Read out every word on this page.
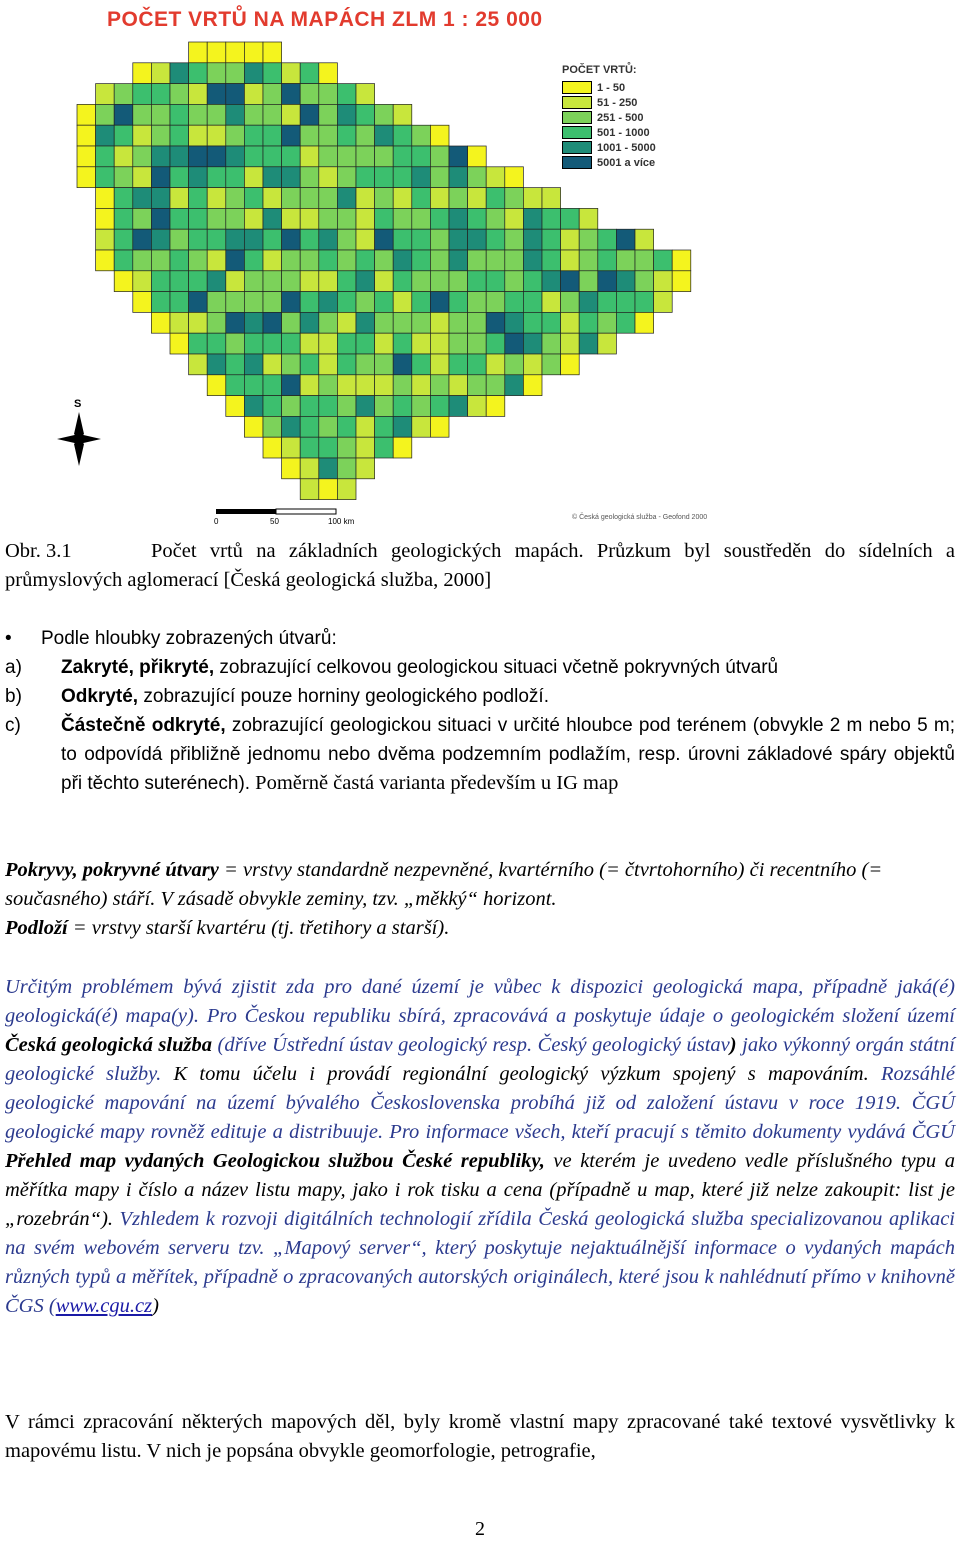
POČET VRTŮ NA MAPÁCH ZLM 1 : 25 000
S
POČET VRTŮ:
1 - 50
51 - 250
251 - 500
501 - 1000
1001 - 5000
5001 a více
0	50	100 km	© Česká geologická služba - Geofond 2000
Obr. 3.1	Počet vrtů na základních geologických mapách. Průzkum byl soustředěn do sídelních a průmyslových aglomerací [Česká geologická služba, 2000]
•	Podle hloubky zobrazených útvarů:
a)	Zakryté, přikryté, zobrazující celkovou geologickou situaci včetně pokryvných útvarů
b)	Odkryté, zobrazující pouze horniny geologického podloží.
c)	Částečně odkryté, zobrazující geologickou situaci v určité hloubce pod terénem (obvykle 2 m nebo 5 m; to odpovídá přibližně jednomu nebo dvěma podzemním podlažím, resp. úrovni základové spáry objektů při těchto suterénech). Poměrně častá varianta především u IG map
Pokryvy, pokryvné útvary = vrstvy standardně nezpevněné, kvartérního (= čtvrtohorního) či recentního (= současného) stáří. V zásadě obvykle zeminy, tzv. „měkký“ horizont.
Podloží = vrstvy starší kvartéru (tj. třetihory a starší).
Určitým problémem bývá zjistit zda pro dané území je vůbec k dispozici geologická mapa, případně jaká(é) geologická(é) mapa(y). Pro Českou republiku sbírá, zpracovává a poskytuje údaje o geologickém složení území Česká geologická služba (dříve Ústřední ústav geologický resp. Český geologický ústav) jako výkonný orgán státní geologické služby. K tomu účelu i provádí regionální geologický výzkum spojený s mapováním. Rozsáhlé geologické mapování na území bývalého Československa probíhá již od založení ústavu v roce 1919. ČGÚ geologické mapy rovněž edituje a distribuuje. Pro informace všech, kteří pracují s těmito dokumenty vydává ČGÚ Přehled map vydaných Geologickou službou České republiky, ve kterém je uvedeno vedle příslušného typu a měřítka mapy i číslo a název listu mapy, jako i rok tisku a cena (případně u map, které již nelze zakoupit: list je „rozebrán“). Vzhledem k rozvoji digitálních technologií zřídila Česká geologická služba specializovanou aplikaci na svém webovém serveru tzv. „Mapový server“, který poskytuje nejaktuálnější informace o vydaných mapách různých typů a měřítek, případně o zpracovaných autorských originálech, které jsou k nahlédnutí přímo v knihovně ČGS (www.cgu.cz)
V rámci zpracování některých mapových děl, byly kromě vlastní mapy zpracované také textové vysvětlivky k mapovému listu. V nich je popsána obvykle geomorfologie, petrografie,
2
